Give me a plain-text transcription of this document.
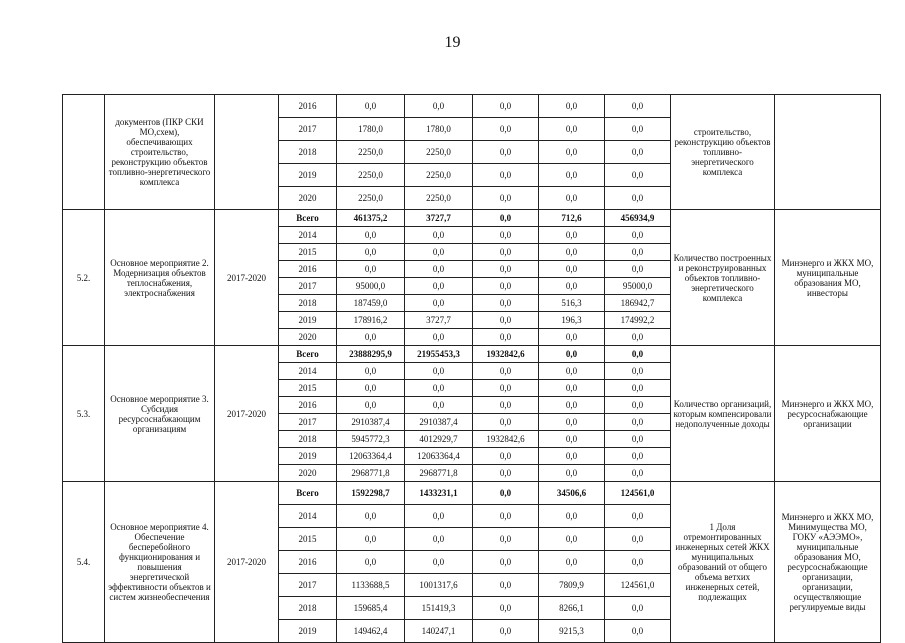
19
	документов (ПКР СКИ МО,схем), обеспечивающих строительство, реконструкцию объектов топливно-энергетического комплекса		2016	0,0	0,0	0,0	0,0	0,0	строительство, реконструкцию объектов топливно-энергетического комплекса	
			2017	1780,0	1780,0	0,0	0,0	0,0		
			2018	2250,0	2250,0	0,0	0,0	0,0		
			2019	2250,0	2250,0	0,0	0,0	0,0		
			2020	2250,0	2250,0	0,0	0,0	0,0		
5.2.	Основное мероприятие 2. Модернизация объектов теплоснабжения, электроснабжения	2017-2020	Всего	461375,2	3727,7	0,0	712,6	456934,9	Количество построенных и реконструированных объектов топливно-энергетического комплекса	Минэнерго и ЖКХ МО, муниципальные образования МО, инвесторы
			2014	0,0	0,0	0,0	0,0	0,0		
			2015	0,0	0,0	0,0	0,0	0,0		
			2016	0,0	0,0	0,0	0,0	0,0		
			2017	95000,0	0,0	0,0	0,0	95000,0		
			2018	187459,0	0,0	0,0	516,3	186942,7		
			2019	178916,2	3727,7	0,0	196,3	174992,2		
			2020	0,0	0,0	0,0	0,0	0,0		
5.3.	Основное мероприятие 3. Субсидия ресурсоснабжающим организациям	2017-2020	Всего	23888295,9	21955453,3	1932842,6	0,0	0,0	Количество организаций, которым компенсировали недополученные доходы	Минэнерго и ЖКХ МО, ресурсоснабжающие организации
			2014	0,0	0,0	0,0	0,0	0,0		
			2015	0,0	0,0	0,0	0,0	0,0		
			2016	0,0	0,0	0,0	0,0	0,0		
			2017	2910387,4	2910387,4	0,0	0,0	0,0		
			2018	5945772,3	4012929,7	1932842,6	0,0	0,0		
			2019	12063364,4	12063364,4	0,0	0,0	0,0		
			2020	2968771,8	2968771,8	0,0	0,0	0,0		
5.4.	Основное мероприятие 4. Обеспечение бесперебойного функционирования и повышения энергетической эффективности объектов и систем жизнеобеспечения	2017-2020	Всего	1592298,7	1433231,1	0,0	34506,6	124561,0	1 Доля отремонтированных инженерных сетей ЖКХ муниципальных образований от общего объема ветхих инженерных сетей, подлежащих	Минэнерго и ЖКХ МО, Минимущества МО, ГОКУ «АЭЭМО», муниципальные образования МО, ресурсоснабжающие организации, организации, осуществляющие регулируемые виды
			2014	0,0	0,0	0,0	0,0	0,0		
			2015	0,0	0,0	0,0	0,0	0,0		
			2016	0,0	0,0	0,0	0,0	0,0		
			2017	1133688,5	1001317,6	0,0	7809,9	124561,0		
			2018	159685,4	151419,3	0,0	8266,1	0,0		
			2019	149462,4	140247,1	0,0	9215,3	0,0		
